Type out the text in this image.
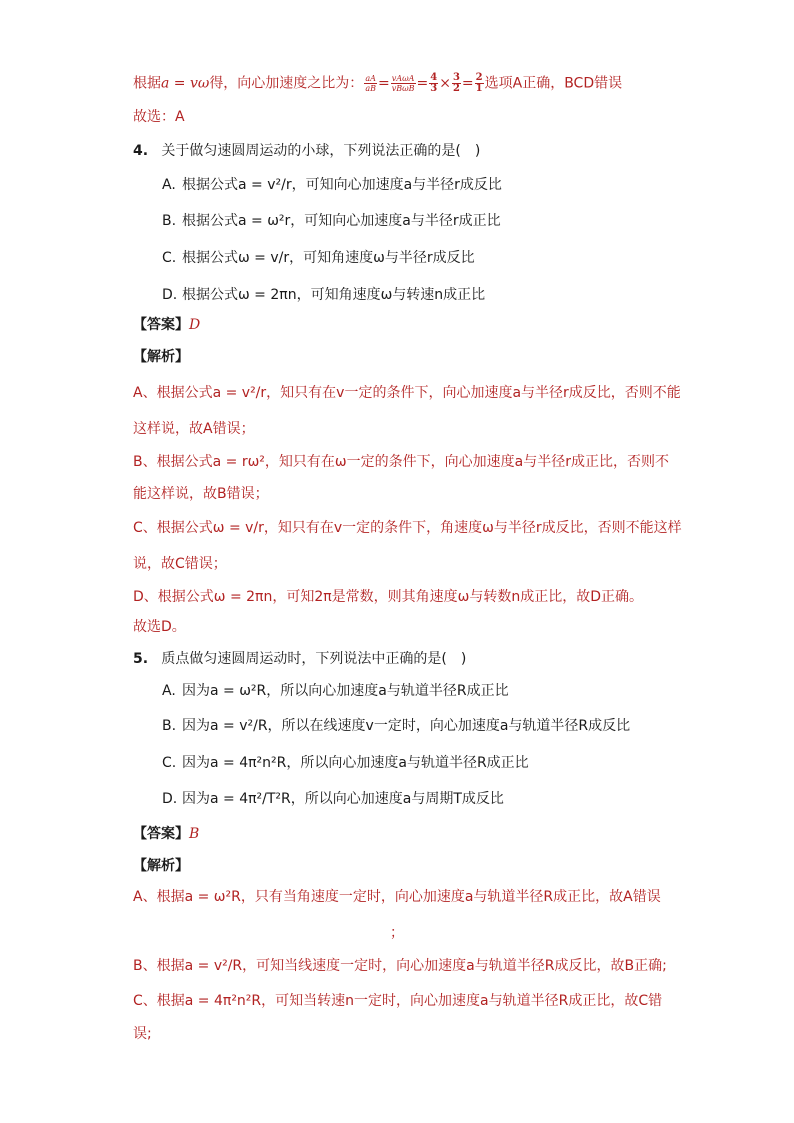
根据a = vω得，向心加速度之比为： $\frac{aA}{aB} = \frac{\text{vAωA}}{\text{vBωB}} = \frac{4}{3} \times \frac{3}{2} = \frac{2}{1}$ 选项A正确，BCD错误
故选：A
4. 关于做匀速圆周运动的小球，下列说法正确的是(　)
A. 根据公式a = v²/r，可知向心加速度a与半径r成反比
B. 根据公式a = ω²r，可知向心加速度a与半径r成正比
C. 根据公式ω = v/r，可知角速度ω与半径r成反比
D. 根据公式ω = 2πn，可知角速度ω与转速n成正比
【答案】D
【解析】
A、根据公式a = v²/r，知只有在v一定的条件下，向心加速度a与半径r成反比，否则不能
这样说，故A错误；
B、根据公式a = rω²，知只有在ω一定的条件下，向心加速度a与半径r成正比，否则不
能这样说，故B错误；
C、根据公式ω = v/r，知只有在v一定的条件下，角速度ω与半径r成反比，否则不能这样
说，故C错误；
D、根据公式ω = 2πn，可知2π是常数，则其角速度ω与转数n成正比，故D正确。
故选D。
5. 质点做匀速圆周运动时，下列说法中正确的是(　)
A. 因为a = ω²R，所以向心加速度a与轨道半径R成正比
B. 因为a = v²/R，所以在线速度v一定时，向心加速度a与轨道半径R成反比
C. 因为a = 4π²n²R，所以向心加速度a与轨道半径R成正比
D. 因为a = 4π²/T²R，所以向心加速度a与周期T成反比
【答案】B
【解析】
A、根据a = ω²R，只有当角速度一定时，向心加速度a与轨道半径R成正比，故A错误
；
B、根据a = v²/R，可知当线速度一定时，向心加速度a与轨道半径R成反比，故B正确;
C、根据a = 4π²n²R，可知当转速n一定时，向心加速度a与轨道半径R成正比，故C错
误;
